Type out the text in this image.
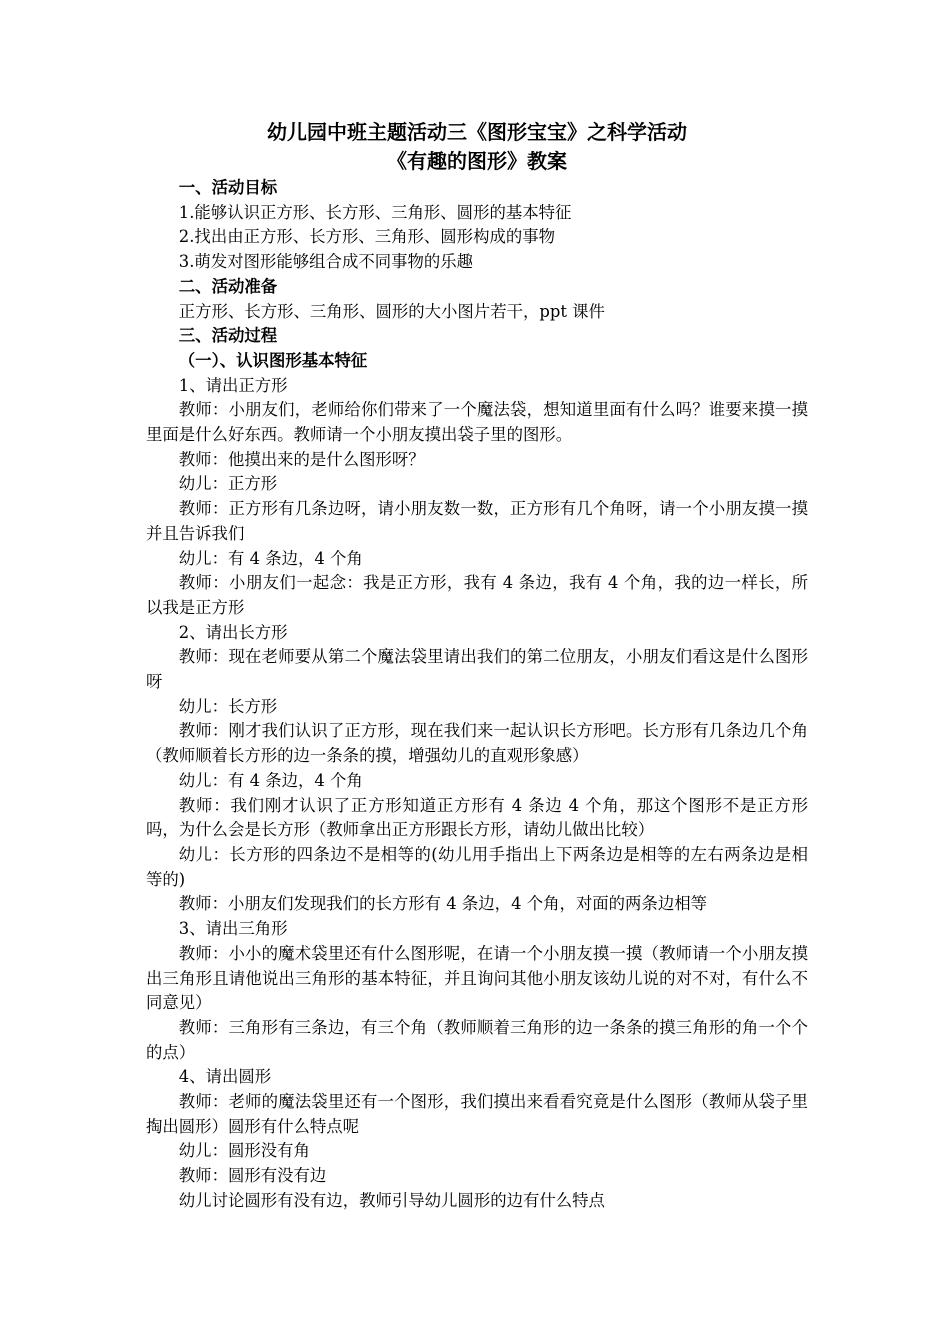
幼儿园中班主题活动三《图形宝宝》之科学活动

《有趣的图形》教案

一、活动目标

1.能够认识正方形、长方形、三角形、圆形的基本特征

2.找出由正方形、长方形、三角形、圆形构成的事物

3.萌发对图形能够组合成不同事物的乐趣

二、活动准备

正方形、长方形、三角形、圆形的大小图片若干，ppt 课件

三、活动过程

（一）、认识图形基本特征

1、请出正方形

教师：小朋友们，老师给你们带来了一个魔法袋，想知道里面有什么吗？谁要来摸一摸里面是什么好东西。教师请一个小朋友摸出袋子里的图形。

教师：他摸出来的是什么图形呀？

幼儿：正方形

教师：正方形有几条边呀，请小朋友数一数，正方形有几个角呀，请一个小朋友摸一摸并且告诉我们

幼儿：有 4 条边，4 个角

教师：小朋友们一起念：我是正方形，我有 4 条边，我有 4 个角，我的边一样长，所以我是正方形

2、请出长方形

教师：现在老师要从第二个魔法袋里请出我们的第二位朋友，小朋友们看这是什么图形呀

幼儿：长方形

教师：刚才我们认识了正方形，现在我们来一起认识长方形吧。长方形有几条边几个角（教师顺着长方形的边一条条的摸，增强幼儿的直观形象感）

幼儿：有 4 条边，4 个角

教师：我们刚才认识了正方形知道正方形有 4 条边 4 个角，那这个图形不是正方形吗，为什么会是长方形（教师拿出正方形跟长方形，请幼儿做出比较）

幼儿：长方形的四条边不是相等的(幼儿用手指出上下两条边是相等的左右两条边是相等的)

教师：小朋友们发现我们的长方形有 4 条边，4 个角，对面的两条边相等

3、请出三角形

教师：小小的魔术袋里还有什么图形呢，在请一个小朋友摸一摸（教师请一个小朋友摸出三角形且请他说出三角形的基本特征，并且询问其他小朋友该幼儿说的对不对，有什么不同意见）

教师：三角形有三条边，有三个角（教师顺着三角形的边一条条的摸三角形的角一个个的点）

4、请出圆形

教师：老师的魔法袋里还有一个图形，我们摸出来看看究竟是什么图形（教师从袋子里掏出圆形）圆形有什么特点呢

幼儿：圆形没有角

教师：圆形有没有边

幼儿讨论圆形有没有边，教师引导幼儿圆形的边有什么特点
